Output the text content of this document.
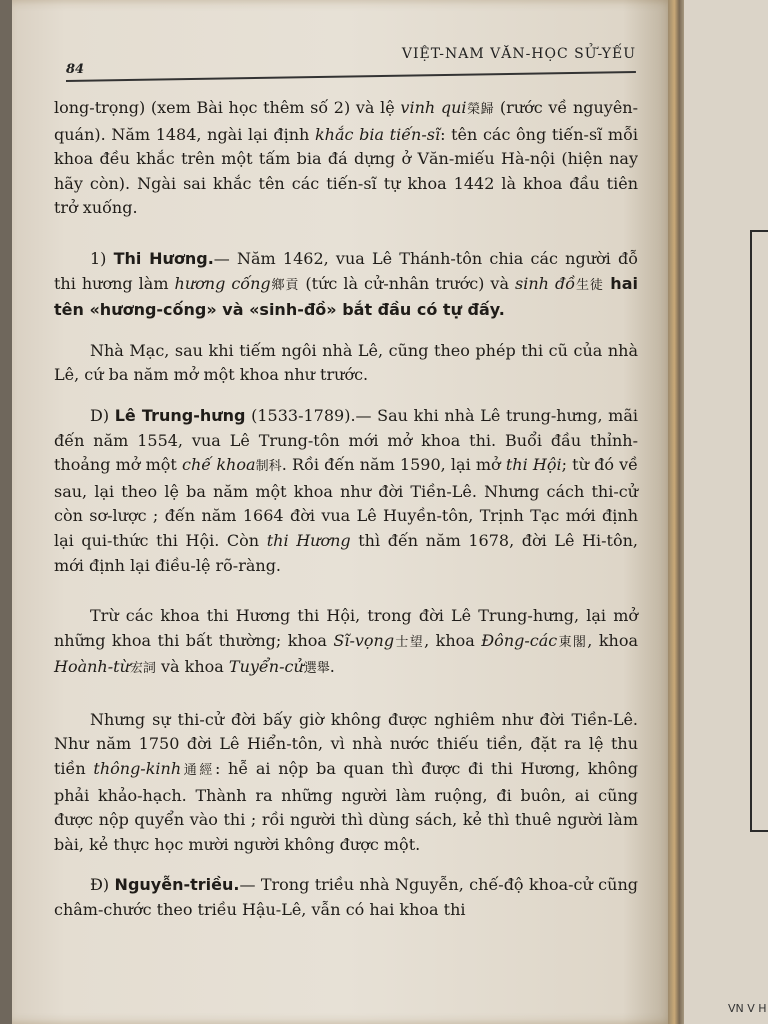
84
VIỆT-NAM VĂN-HỌC SỬ-YẾU

long-trọng) (xem Bài học thêm số 2) và lệ vinh qui榮歸 (rước về nguyên-quán). Năm 1484, ngài lại định khắc bia tiến-sĩ: tên các ông tiến-sĩ mỗi khoa đều khắc trên một tấm bia đá dựng ở Văn-miếu Hà-nội (hiện nay hãy còn). Ngài sai khắc tên các tiến-sĩ tự khoa 1442 là khoa đầu tiên trở xuống.

1) Thi Hương.— Năm 1462, vua Lê Thánh-tôn chia các người đỗ thi hương làm hương cống鄉貢 (tức là cử-nhân trước) và sinh đồ生徒 hai tên «hương-cống» và «sinh-đồ» bắt đầu có tự đấy.

Nhà Mạc, sau khi tiếm ngôi nhà Lê, cũng theo phép thi cũ của nhà Lê, cứ ba năm mở một khoa như trước.

D) Lê Trung-hưng (1533-1789).— Sau khi nhà Lê trung-hưng, mãi đến năm 1554, vua Lê Trung-tôn mới mở khoa thi. Buổi đầu thỉnh-thoảng mở một chế khoa制科. Rồi đến năm 1590, lại mở thi Hội; từ đó về sau, lại theo lệ ba năm một khoa như đời Tiền-Lê. Nhưng cách thi-cử còn sơ-lược ; đến năm 1664 đời vua Lê Huyền-tôn, Trịnh Tạc mới định lại qui-thức thi Hội. Còn thi Hương thì đến năm 1678, đời Lê Hi-tôn, mới định lại điều-lệ rõ-ràng.

Trừ các khoa thi Hương thi Hội, trong đời Lê Trung-hưng, lại mở những khoa thi bất thường; khoa Sĩ-vọng士望, khoa Đông-các東閣, khoa Hoành-từ宏詞 và khoa Tuyển-cử選舉.

Nhưng sự thi-cử đời bấy giờ không được nghiêm như đời Tiền-Lê. Như năm 1750 đời Lê Hiển-tôn, vì nhà nước thiếu tiền, đặt ra lệ thu tiền thông-kinh通經: hễ ai nộp ba quan thì được đi thi Hương, không phải khảo-hạch. Thành ra những người làm ruộng, đi buôn, ai cũng được nộp quyển vào thi ; rồi người thì dùng sách, kẻ thì thuê người làm bài, kẻ thực học mười người không được một.

Đ) Nguyễn-triều.— Trong triều nhà Nguyễn, chế-độ khoa-cử cũng châm-chước theo triều Hậu-Lê, vẫn có hai khoa thi

VN V H
